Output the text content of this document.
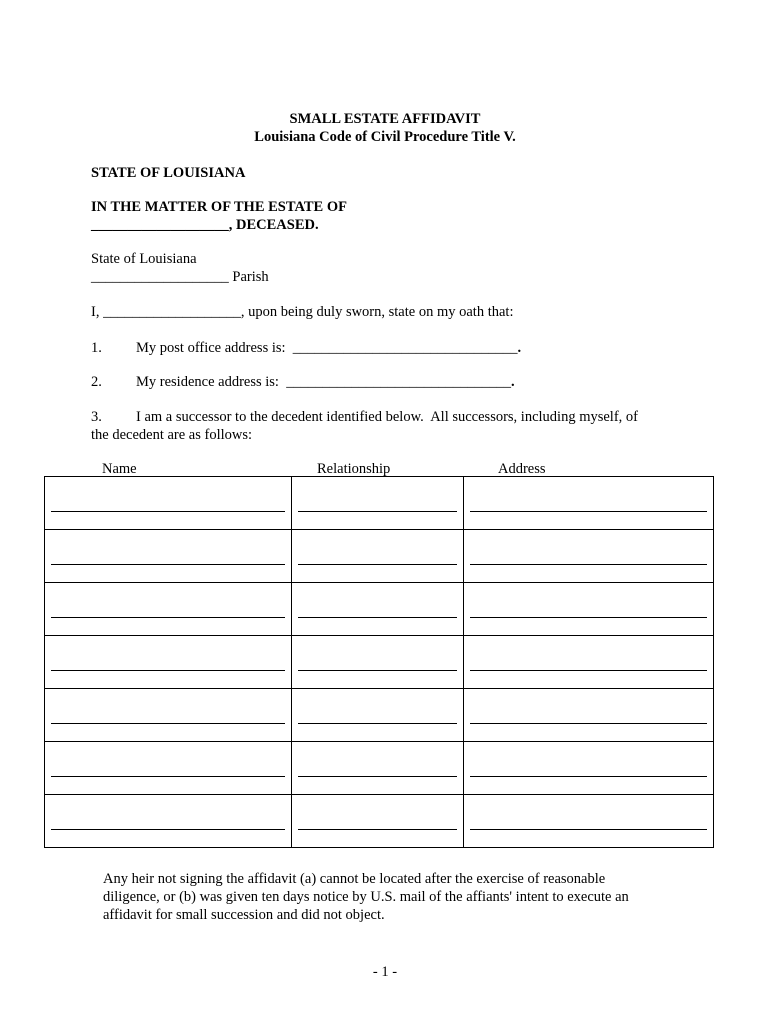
SMALL ESTATE AFFIDAVIT
Louisiana Code of Civil Procedure Title V.
STATE OF LOUISIANA
IN THE MATTER OF THE ESTATE OF
___________________, DECEASED.
State of Louisiana
___________________ Parish
I, ___________________, upon being duly sworn, state on my oath that:
1. My post office address is:  _______________________________.
2. My residence address is:  _______________________________.
3. I am a successor to the decedent identified below.  All successors, including myself, of
the decedent are as follows:
Name	Relationship	Address

Any heir not signing the affidavit (a) cannot be located after the exercise of reasonable
diligence, or (b) was given ten days notice by U.S. mail of the affiants' intent to execute an
affidavit for small succession and did not object.
- 1 -
